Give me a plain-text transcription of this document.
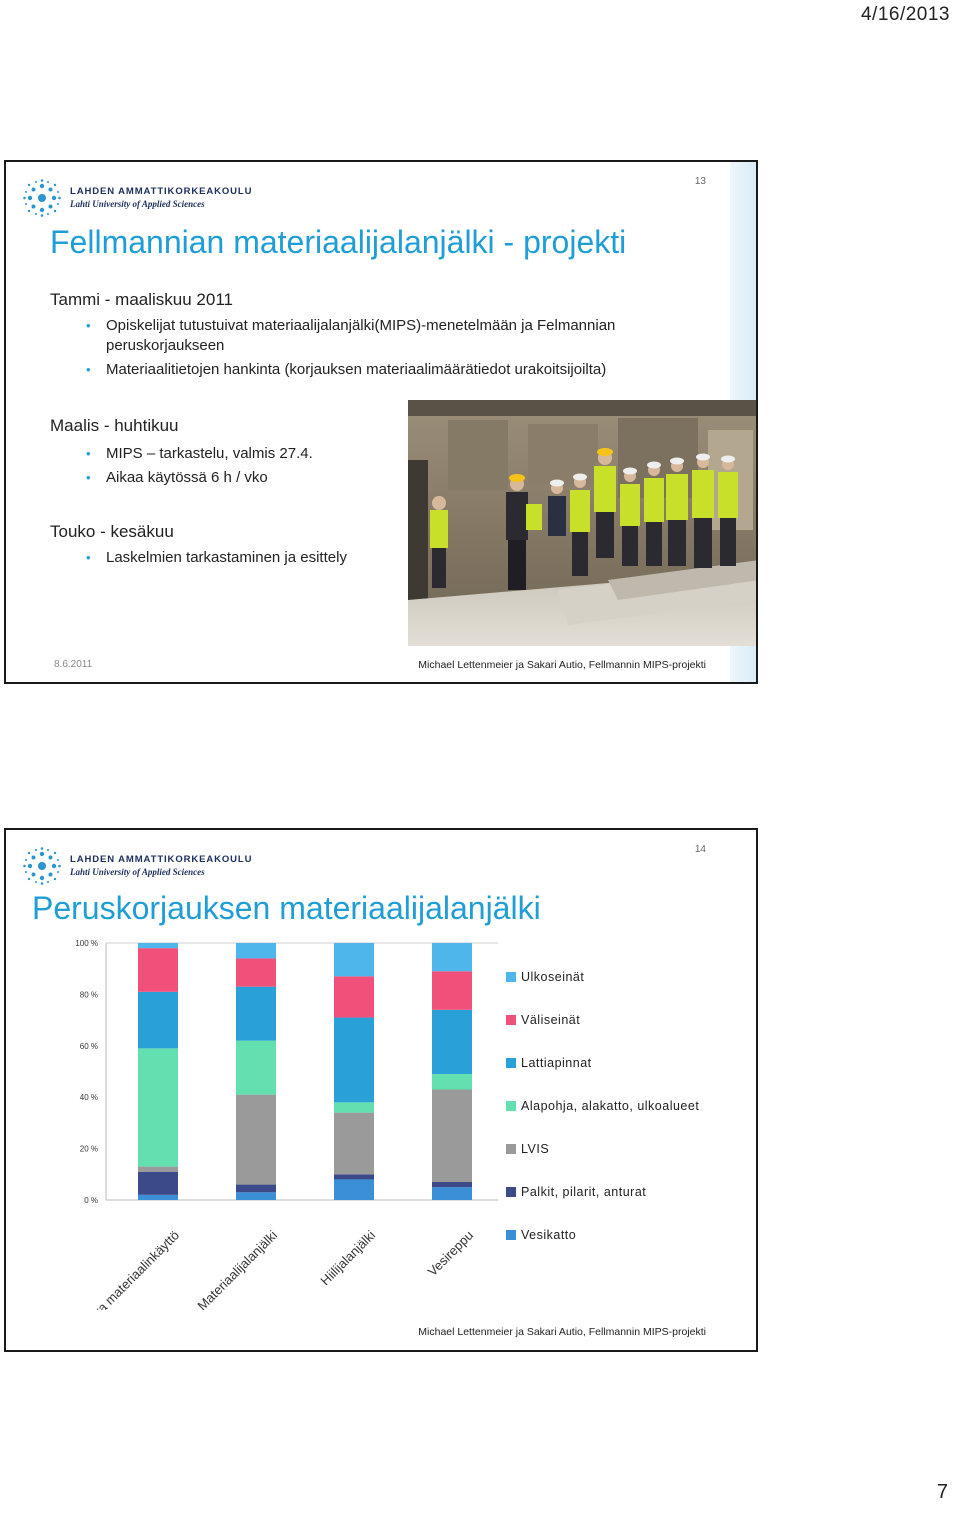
4/16/2013
13
LAHDEN AMMATTIKORKEAKOULU
Lahti University of Applied Sciences
Fellmannian materiaalijalanjälki - projekti
Tammi - maaliskuu 2011
• Opiskelijat tutustuivat materiaalijalanjälki(MIPS)-menetelmään ja Felmannian peruskorjaukseen
• Materiaalitietojen hankinta (korjauksen materiaalimäärätiedot urakoitsijoilta)
Maalis - huhtikuu
• MIPS – tarkastelu, valmis 27.4.
• Aikaa käytössä 6 h / vko
Touko - kesäkuu
• Laskelmien tarkastaminen ja esittely
8.6.2011	Michael Lettenmeier ja Sakari Autio, Fellmannin MIPS-projekti
14
LAHDEN AMMATTIKORKEAKOULU
Lahti University of Applied Sciences
Peruskorjauksen materiaalijalanjälki
0 %
20 %
40 %
60 %
80 %
100 %
Suora materiaalinkäyttö Materiaalijalanjälki	Hiilijalanjälki	Vesireppu
Ulkoseinät
Väliseinät
Lattiapinnat
Alapohja, alakatto, ulkoalueet
LVIS
Palkit, pilarit, anturat
Vesikatto
Michael Lettenmeier ja Sakari Autio, Fellmannin MIPS-projekti
7
